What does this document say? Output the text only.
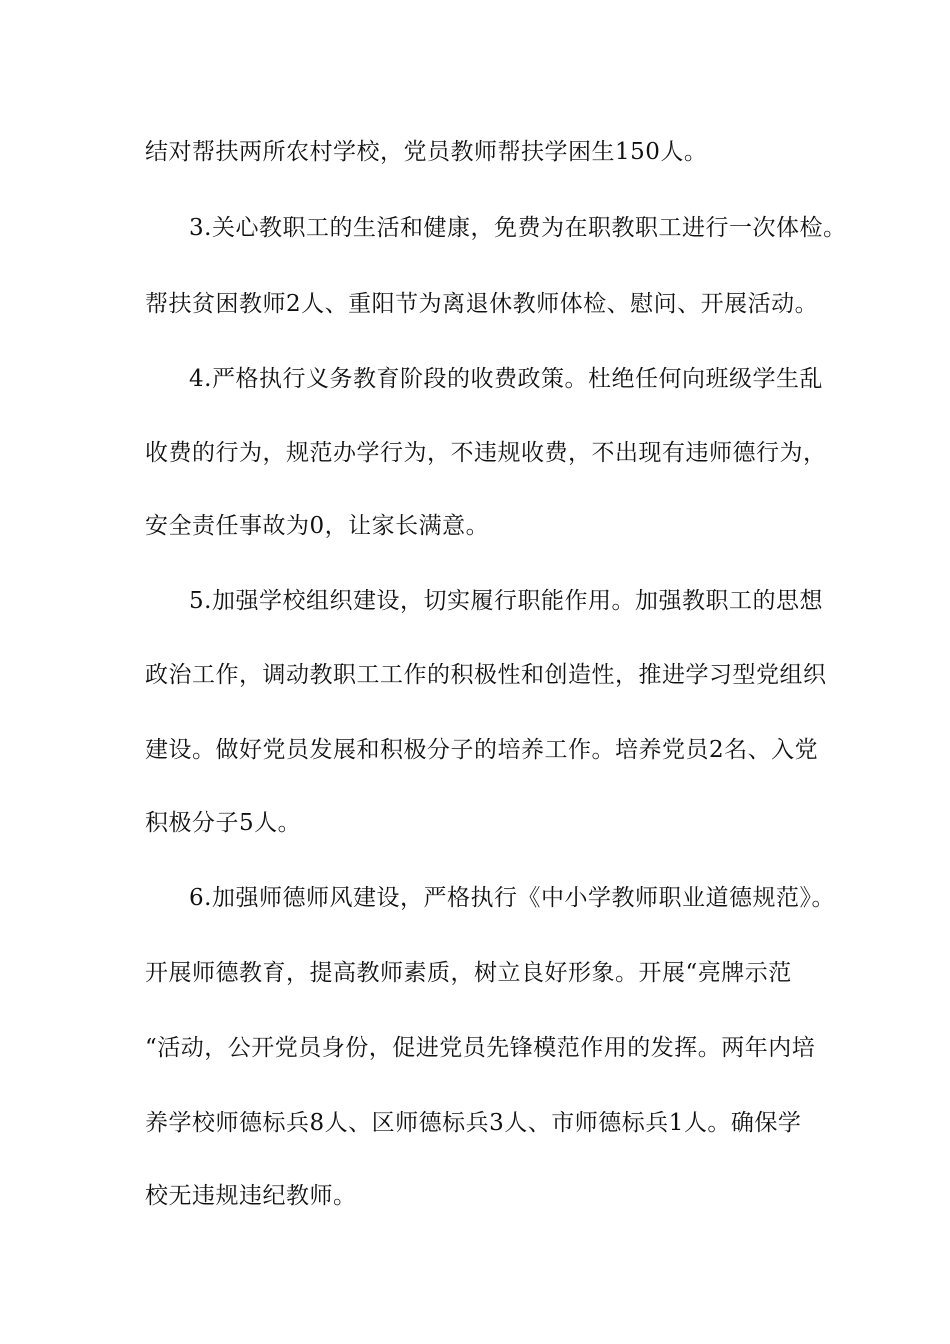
结对帮扶两所农村学校，党员教师帮扶学困生150人。
3.关心教职工的生活和健康，免费为在职教职工进行一次体检。
帮扶贫困教师2人、重阳节为离退休教师体检、慰问、开展活动。
4.严格执行义务教育阶段的收费政策。杜绝任何向班级学生乱
收费的行为，规范办学行为，不违规收费，不出现有违师德行为，
安全责任事故为0，让家长满意。
5.加强学校组织建设，切实履行职能作用。加强教职工的思想
政治工作，调动教职工工作的积极性和创造性，推进学习型党组织
建设。做好党员发展和积极分子的培养工作。培养党员2名、入党
积极分子5人。
6.加强师德师风建设，严格执行《中小学教师职业道德规范》。
开展师德教育，提高教师素质，树立良好形象。开展“亮牌示范
“活动，公开党员身份，促进党员先锋模范作用的发挥。两年内培
养学校师德标兵8人、区师德标兵3人、市师德标兵1人。确保学
校无违规违纪教师。
